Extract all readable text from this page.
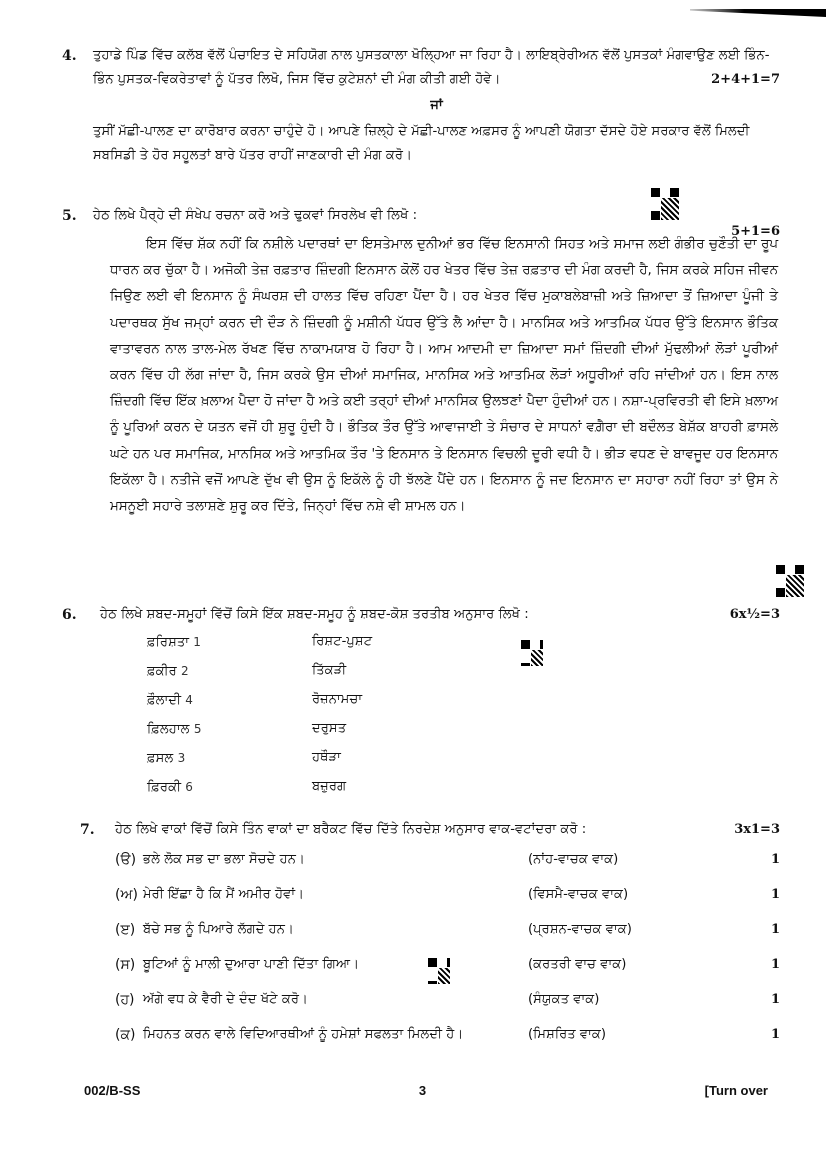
4. ਤੁਹਾਡੇ ਪਿੰਡ ਵਿੱਚ ਕਲੱਬ ਵੱਲੋਂ ਪੰਚਾਇਤ ਦੇ ਸਹਿਯੋਗ ਨਾਲ ਪੁਸਤਕਾਲਾ ਖੋਲ੍ਹਿਆ ਜਾ ਰਿਹਾ ਹੈ। ਲਾਇਬ੍ਰੇਰੀਅਨ ਵੱਲੋਂ ਪੁਸਤਕਾਂ ਮੰਗਵਾਉਣ ਲਈ ਭਿੰਨ-ਭਿੰਨ ਪੁਸਤਕ-ਵਿਕਰੇਤਾਵਾਂ ਨੂੰ ਪੱਤਰ ਲਿਖੋ, ਜਿਸ ਵਿੱਚ ਕੁਟੇਸ਼ਨਾਂ ਦੀ ਮੰਗ ਕੀਤੀ ਗਈ ਹੋਵੇ।	2+4+1=7
ਜਾਂ
ਤੁਸੀਂ ਮੱਛੀ-ਪਾਲਣ ਦਾ ਕਾਰੋਬਾਰ ਕਰਨਾ ਚਾਹੁੰਦੇ ਹੋ। ਆਪਣੇ ਜ਼ਿਲ੍ਹੇ ਦੇ ਮੱਛੀ-ਪਾਲਣ ਅਫ਼ਸਰ ਨੂੰ ਆਪਣੀ ਯੋਗਤਾ ਦੱਸਦੇ ਹੋਏ ਸਰਕਾਰ ਵੱਲੋਂ ਮਿਲਦੀ ਸਬਸਿਡੀ ਤੇ ਹੋਰ ਸਹੂਲਤਾਂ ਬਾਰੇ ਪੱਤਰ ਰਾਹੀਂ ਜਾਣਕਾਰੀ ਦੀ ਮੰਗ ਕਰੋ।
5. ਹੇਠ ਲਿਖੇ ਪੈਰ੍ਹੇ ਦੀ ਸੰਖੇਪ ਰਚਨਾ ਕਰੋ ਅਤੇ ਢੁਕਵਾਂ ਸਿਰਲੇਖ ਵੀ ਲਿਖੋ :
5+1=6
ਇਸ ਵਿੱਚ ਸ਼ੱਕ ਨਹੀਂ ਕਿ ਨਸ਼ੀਲੇ ਪਦਾਰਥਾਂ ਦਾ ਇਸਤੇਮਾਲ ਦੁਨੀਆਂ ਭਰ ਵਿੱਚ ਇਨਸਾਨੀ ਸਿਹਤ ਅਤੇ ਸਮਾਜ ਲਈ ਗੰਭੀਰ ਚੁਣੌਤੀ ਦਾ ਰੂਪ ਧਾਰਨ ਕਰ ਚੁੱਕਾ ਹੈ। ਅਜੋਕੀ ਤੇਜ਼ ਰਫ਼ਤਾਰ ਜ਼ਿੰਦਗੀ ਇਨਸਾਨ ਕੋਲੋਂ ਹਰ ਖੇਤਰ ਵਿੱਚ ਤੇਜ਼ ਰਫ਼ਤਾਰ ਦੀ ਮੰਗ ਕਰਦੀ ਹੈ, ਜਿਸ ਕਰਕੇ ਸਹਿਜ ਜੀਵਨ ਜਿਉਣ ਲਈ ਵੀ ਇਨਸਾਨ ਨੂੰ ਸੰਘਰਸ਼ ਦੀ ਹਾਲਤ ਵਿੱਚ ਰਹਿਣਾ ਪੈਂਦਾ ਹੈ। ਹਰ ਖੇਤਰ ਵਿੱਚ ਮੁਕਾਬਲੇਬਾਜ਼ੀ ਅਤੇ ਜ਼ਿਆਦਾ ਤੋਂ ਜ਼ਿਆਦਾ ਪੂੰਜੀ ਤੇ ਪਦਾਰਥਕ ਸੁੱਖ ਜਮ੍ਹਾਂ ਕਰਨ ਦੀ ਦੌੜ ਨੇ ਜ਼ਿੰਦਗੀ ਨੂੰ ਮਸ਼ੀਨੀ ਪੱਧਰ ਉੱਤੇ ਲੈ ਆਂਦਾ ਹੈ। ਮਾਨਸਿਕ ਅਤੇ ਆਤਮਿਕ ਪੱਧਰ ਉੱਤੇ ਇਨਸਾਨ ਭੌਤਿਕ ਵਾਤਾਵਰਨ ਨਾਲ ਤਾਲ-ਮੇਲ ਰੱਖਣ ਵਿੱਚ ਨਾਕਾਮਯਾਬ ਹੋ ਰਿਹਾ ਹੈ। ਆਮ ਆਦਮੀ ਦਾ ਜ਼ਿਆਦਾ ਸਮਾਂ ਜ਼ਿੰਦਗੀ ਦੀਆਂ ਮੁੱਢਲੀਆਂ ਲੋੜਾਂ ਪੂਰੀਆਂ ਕਰਨ ਵਿੱਚ ਹੀ ਲੱਗ ਜਾਂਦਾ ਹੈ, ਜਿਸ ਕਰਕੇ ਉਸ ਦੀਆਂ ਸਮਾਜਿਕ, ਮਾਨਸਿਕ ਅਤੇ ਆਤਮਿਕ ਲੋੜਾਂ ਅਧੂਰੀਆਂ ਰਹਿ ਜਾਂਦੀਆਂ ਹਨ। ਇਸ ਨਾਲ ਜ਼ਿੰਦਗੀ ਵਿੱਚ ਇੱਕ ਖ਼ਲਾਅ ਪੈਦਾ ਹੋ ਜਾਂਦਾ ਹੈ ਅਤੇ ਕਈ ਤਰ੍ਹਾਂ ਦੀਆਂ ਮਾਨਸਿਕ ਉਲਝਣਾਂ ਪੈਦਾ ਹੁੰਦੀਆਂ ਹਨ। ਨਸ਼ਾ-ਪ੍ਰਵਿਰਤੀ ਵੀ ਇਸੇ ਖ਼ਲਾਅ ਨੂੰ ਪੂਰਿਆਂ ਕਰਨ ਦੇ ਯਤਨ ਵਜੋਂ ਹੀ ਸ਼ੁਰੂ ਹੁੰਦੀ ਹੈ। ਭੌਤਿਕ ਤੌਰ ਉੱਤੇ ਆਵਾਜਾਈ ਤੇ ਸੰਚਾਰ ਦੇ ਸਾਧਨਾਂ ਵਗ਼ੈਰਾ ਦੀ ਬਦੌਲਤ ਬੇਸ਼ੱਕ ਬਾਹਰੀ ਫ਼ਾਸਲੇ ਘਟੇ ਹਨ ਪਰ ਸਮਾਜਿਕ, ਮਾਨਸਿਕ ਅਤੇ ਆਤਮਿਕ ਤੌਰ 'ਤੇ ਇਨਸਾਨ ਤੇ ਇਨਸਾਨ ਵਿਚਲੀ ਦੂਰੀ ਵਧੀ ਹੈ। ਭੀੜ ਵਧਣ ਦੇ ਬਾਵਜੂਦ ਹਰ ਇਨਸਾਨ ਇਕੱਲਾ ਹੈ। ਨਤੀਜੇ ਵਜੋਂ ਆਪਣੇ ਦੁੱਖ ਵੀ ਉਸ ਨੂੰ ਇਕੱਲੇ ਨੂੰ ਹੀ ਝੱਲਣੇ ਪੈਂਦੇ ਹਨ। ਇਨਸਾਨ ਨੂੰ ਜਦ ਇਨਸਾਨ ਦਾ ਸਹਾਰਾ ਨਹੀਂ ਰਿਹਾ ਤਾਂ ਉਸ ਨੇ ਮਸਨੂਈ ਸਹਾਰੇ ਤਲਾਸ਼ਣੇ ਸ਼ੁਰੂ ਕਰ ਦਿੱਤੇ, ਜਿਨ੍ਹਾਂ ਵਿੱਚ ਨਸ਼ੇ ਵੀ ਸ਼ਾਮਲ ਹਨ।
6. ਹੇਠ ਲਿਖੇ ਸ਼ਬਦ-ਸਮੂਹਾਂ ਵਿੱਚੋਂ ਕਿਸੇ ਇੱਕ ਸ਼ਬਦ-ਸਮੂਹ ਨੂੰ ਸ਼ਬਦ-ਕੋਸ਼ ਤਰਤੀਬ ਅਨੁਸਾਰ ਲਿਖੋ :	6x½=3
ਫ਼ਰਿਸ਼ਤਾ 1	ਰਿਸ਼ਟ-ਪੁਸ਼ਟ
ਫ਼ਕੀਰ 2	ਤਿੱਕੜੀ
ਫ਼ੌਲਾਦੀ 4	ਰੋਜ਼ਨਾਮਚਾ
ਫ਼ਿਲਹਾਲ 5	ਦਰੁਸਤ
ਫ਼ਸਲ 3	ਹਥੌੜਾ
ਫ਼ਿਰਕੀ 6	ਬਜ਼ੁਰਗ
7. ਹੇਠ ਲਿਖੇ ਵਾਕਾਂ ਵਿੱਚੋਂ ਕਿਸੇ ਤਿੰਨ ਵਾਕਾਂ ਦਾ ਬਰੈਕਟ ਵਿੱਚ ਦਿੱਤੇ ਨਿਰਦੇਸ਼ ਅਨੁਸਾਰ ਵਾਕ-ਵਟਾਂਦਰਾ ਕਰੋ :	3x1=3
(ੳ) ਭਲੇ ਲੋਕ ਸਭ ਦਾ ਭਲਾ ਸੋਚਦੇ ਹਨ।	(ਨਾਂਹ-ਵਾਚਕ ਵਾਕ)	1
(ਅ) ਮੇਰੀ ਇੱਛਾ ਹੈ ਕਿ ਮੈਂ ਅਮੀਰ ਹੋਵਾਂ।	(ਵਿਸਮੈ-ਵਾਚਕ ਵਾਕ)	1
(ੲ) ਬੱਚੇ ਸਭ ਨੂੰ ਪਿਆਰੇ ਲੱਗਦੇ ਹਨ।	(ਪ੍ਰਸ਼ਨ-ਵਾਚਕ ਵਾਕ)	1
(ਸ) ਬੂਟਿਆਂ ਨੂੰ ਮਾਲੀ ਦੁਆਰਾ ਪਾਣੀ ਦਿੱਤਾ ਗਿਆ।	(ਕਰਤਰੀ ਵਾਚ ਵਾਕ)	1
(ਹ) ਅੱਗੇ ਵਧ ਕੇ ਵੈਰੀ ਦੇ ਦੰਦ ਖੱਟੇ ਕਰੋ।	(ਸੰਯੁਕਤ ਵਾਕ)	1
(ਕ) ਮਿਹਨਤ ਕਰਨ ਵਾਲੇ ਵਿਦਿਆਰਥੀਆਂ ਨੂੰ ਹਮੇਸ਼ਾਂ ਸਫਲਤਾ ਮਿਲਦੀ ਹੈ।	(ਮਿਸ਼ਰਿਤ ਵਾਕ)	1
002/B-SS	3	[Turn over
